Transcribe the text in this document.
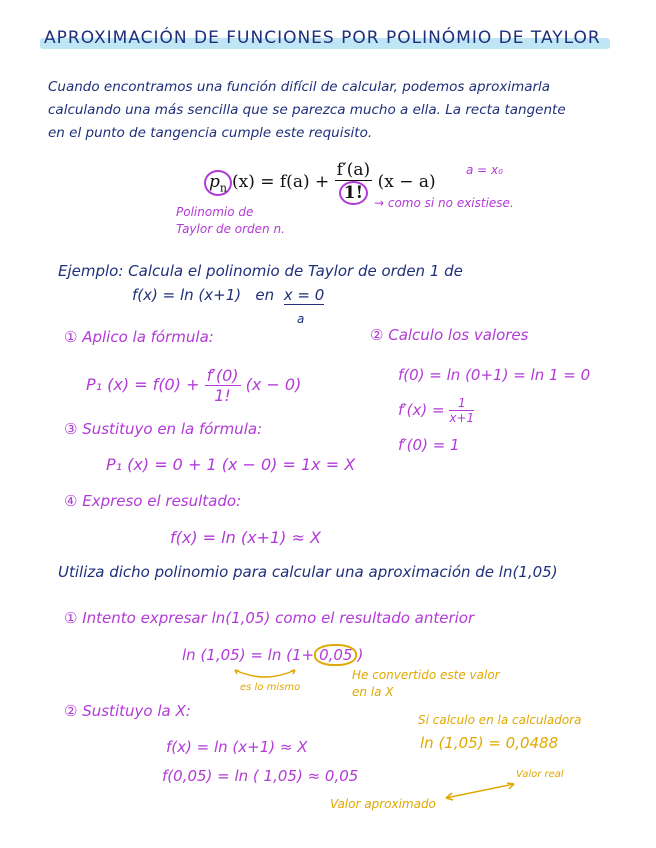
APROXIMACIÓN DE FUNCIONES POR POLINÓMIO DE TAYLOR
Cuando encontramos una función difícil de calcular, podemos aproximarla
calculando una más sencilla que se parezca mucho a ella. La recta tangente
en el punto de tangencia cumple este requisito.
$p_n$ $(x) = f(a) + \frac{f'(a)}{1!} (x - a)$
a = x₀
→ como si no existiese.
Polinomio de
Taylor de orden n.
Ejemplo: Calcula el polinomio de Taylor de orden 1 de
f(x) = ln (x+1) en x = 0
a
① Aplico la fórmula:
P₁ $(x) = f(0) + \frac{f'(0)}{1!} (x - 0)$
② Calculo los valores
f(0) = ln (0+1) = ln 1 = 0
$f'(x) = \frac{1}{x+1}$
f′(0) = 1
③ Sustituyo en la fórmula:
P₁ (x) = 0 + 1 (x − 0) = 1x = X
④ Expreso el resultado:
f(x) = ln (x+1) ≈ X
Utiliza dicho polinomio para calcular una aproximación de ln(1,05)
① Intento expresar ln(1,05) como el resultado anterior
ln (1,05) = ln (1+ 0,05 )
es lo mismo
He convertido este valor
en la X
② Sustituyo la X:
f(x) = ln (x+1) ≈ X
f(0,05) = ln ( 1,05) ≈ 0,05
Si calculo en la calculadora
ln (1,05) = 0,0488
Valor real
Valor aproximado
